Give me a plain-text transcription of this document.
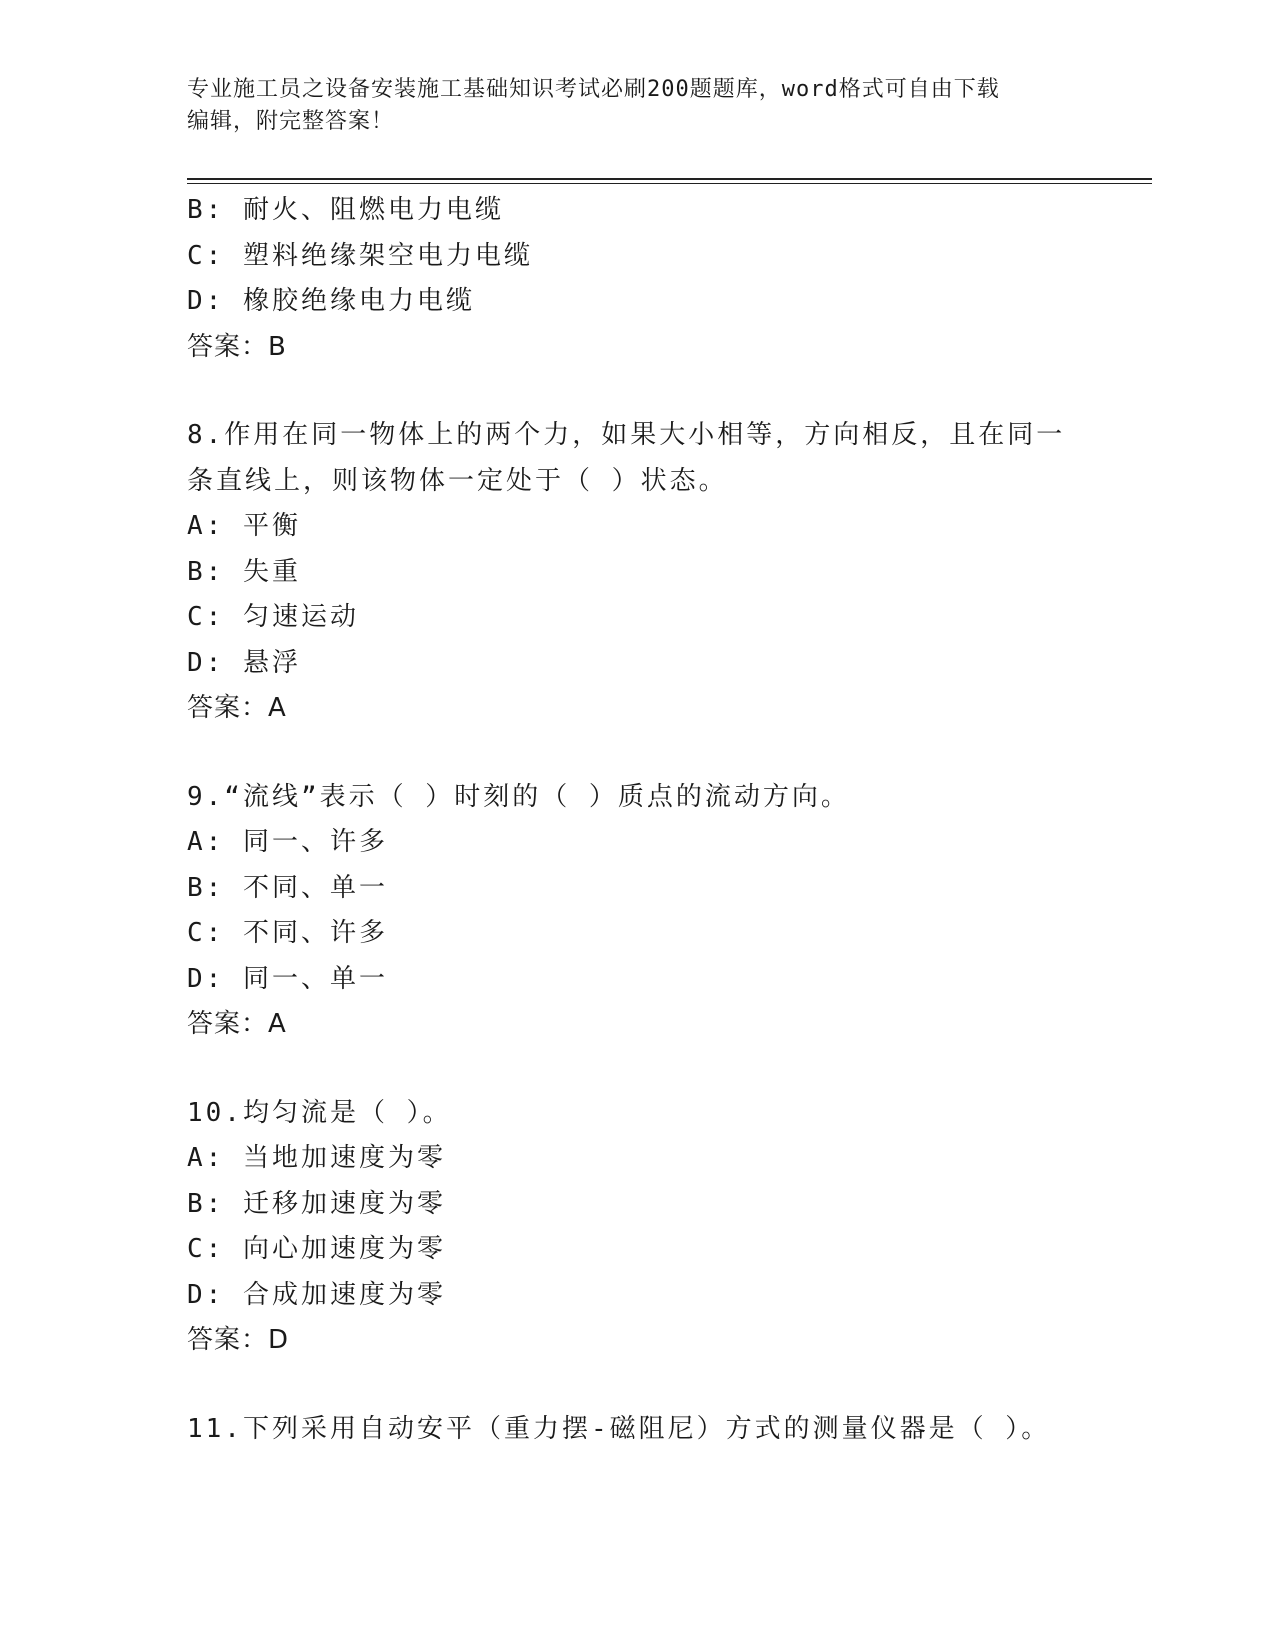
专业施工员之设备安装施工基础知识考试必刷200题题库，word格式可自由下载
编辑，附完整答案！
B: 耐火、阻燃电力电缆
C: 塑料绝缘架空电力电缆
D: 橡胶绝缘电力电缆
答案：B
8.作用在同一物体上的两个力，如果大小相等，方向相反，且在同一
条直线上，则该物体一定处于（ ）状态。
A: 平衡
B: 失重
C: 匀速运动
D: 悬浮
答案：A
9.“流线”表示（ ）时刻的（ ）质点的流动方向。
A: 同一、许多
B: 不同、单一
C: 不同、许多
D: 同一、单一
答案：A
10.均匀流是（ ）。
A: 当地加速度为零
B: 迁移加速度为零
C: 向心加速度为零
D: 合成加速度为零
答案：D
11.下列采用自动安平（重力摆-磁阻尼）方式的测量仪器是（ ）。
